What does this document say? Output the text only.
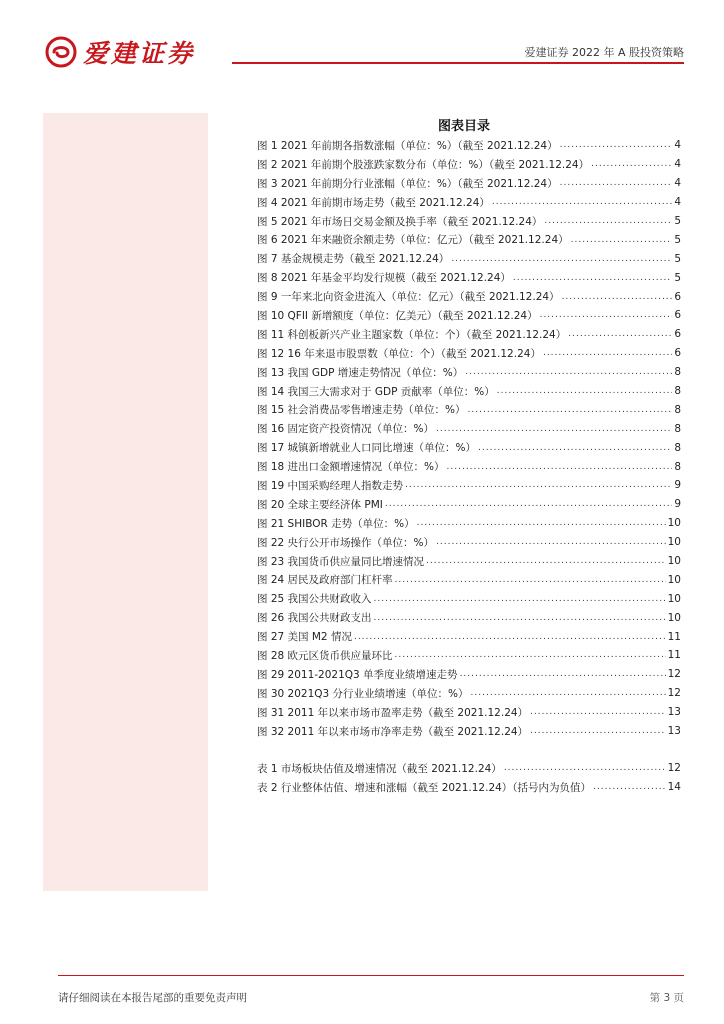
爱建证券	爱建证券 2022 年 A 股投资策略
图表目录
图 1 2021 年前期各指数涨幅（单位：%）（截至 2021.12.24） .....	4
图 2 2021 年前期个股涨跌家数分布（单位：%）（截至 2021.12.24） .....	4
图 3 2021 年前期分行业涨幅（单位：%）（截至 2021.12.24） .....	4
图 4 2021 年前期市场走势（截至 2021.12.24） .....	4
图 5 2021 年市场日交易金额及换手率（截至 2021.12.24） .....	5
图 6 2021 年来融资余额走势（单位：亿元）（截至 2021.12.24） .....	5
图 7 基金规模走势（截至 2021.12.24） .....	5
图 8 2021 年基金平均发行规模（截至 2021.12.24） .....	5
图 9 一年来北向资金进流入（单位：亿元）（截至 2021.12.24） .....	6
图 10 QFII 新增额度（单位：亿美元）（截至 2021.12.24） .....	6
图 11 科创板新兴产业主题家数（单位：个）（截至 2021.12.24） .....	6
图 12 16 年来退市股票数（单位：个）（截至 2021.12.24） .....	6
图 13 我国 GDP 增速走势情况（单位：%） .....	8
图 14 我国三大需求对于 GDP 贡献率（单位：%） .....	8
图 15 社会消费品零售增速走势（单位：%） .....	8
图 16 固定资产投资情况（单位：%） .....	8
图 17 城镇新增就业人口同比增速（单位：%） .....	8
图 18 进出口金额增速情况（单位：%） .....	8
图 19 中国采购经理人指数走势 .....	9
图 20 全球主要经济体 PMI .....	9
图 21 SHIBOR 走势（单位：%） .....	10
图 22 央行公开市场操作（单位：%） .....	10
图 23 我国货币供应量同比增速情况 .....	10
图 24 居民及政府部门杠杆率 .....	10
图 25 我国公共财政收入 .....	10
图 26 我国公共财政支出 .....	10
图 27 美国 M2 情况 .....	11
图 28 欧元区货币供应量环比 .....	11
图 29 2011-2021Q3 单季度业绩增速走势 .....	12
图 30 2021Q3 分行业业绩增速（单位：%） .....	12
图 31 2011 年以来市场市盈率走势（截至 2021.12.24） .....	13
图 32 2011 年以来市场市净率走势（截至 2021.12.24） .....	13
表 1 市场板块估值及增速情况（截至 2021.12.24） .....	12
表 2 行业整体估值、增速和涨幅（截至 2021.12.24）（括号内为负值） .....	14
请仔细阅读在本报告尾部的重要免责声明	第 3 页
